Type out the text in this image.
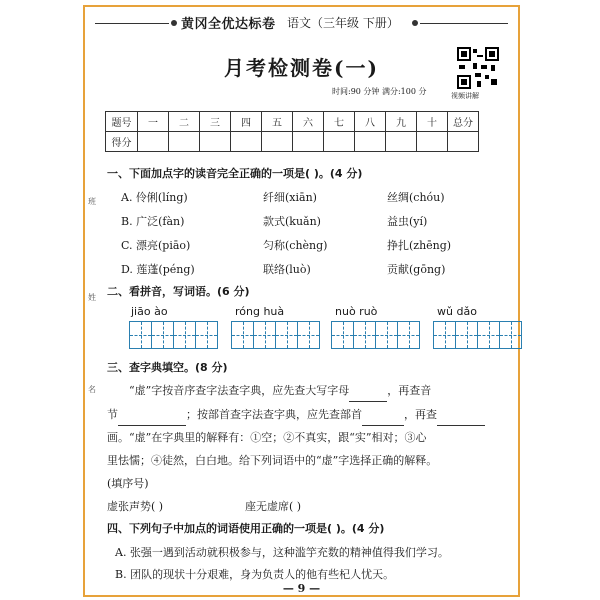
黄冈全优达标卷 语文（三年级 下册）
月考检测卷(一)
视频讲解
时间:90 分钟 满分:100 分
题号	一	二	三	四	五	六	七	八	九	十	总分
得分											
一、下面加点字的读音完全正确的一项是( )。(4 分)
A. 伶俐(líng)	纤细(xiān)	丝绸(chóu)
B. 广泛(fàn)	款式(kuǎn)	益虫(yí)
C. 漂亮(piāo)	匀称(chèng)	挣扎(zhēng)
D. 莲蓬(péng)	联络(luò)	贡献(gōng)
二、看拼音，写词语。(6 分)
jiāo ào	róng huà	nuò ruò	wǔ dǎo
三、查字典填空。(8 分)
“虚”字按音序查字法查字典，应先查大写字母	，再查音
节	；按部首查字法查字典，应先查部首	，再查
画。“虚”在字典里的解释有：①空；②不真实，跟“实”相对；③心
里怯懦；④徒然，白白地。给下列词语中的“虚”字选择正确的解释。
(填序号)
虚张声势( )	座无虚席( )
四、下列句子中加点的词语使用正确的一项是( )。(4 分)
A. 张强一遇到活动就积极参与，这种滥竽充数的精神值得我们学习。
B. 团队的现状十分艰难，身为负责人的他有些杞人忧天。
— 9 —
班
姓
名
